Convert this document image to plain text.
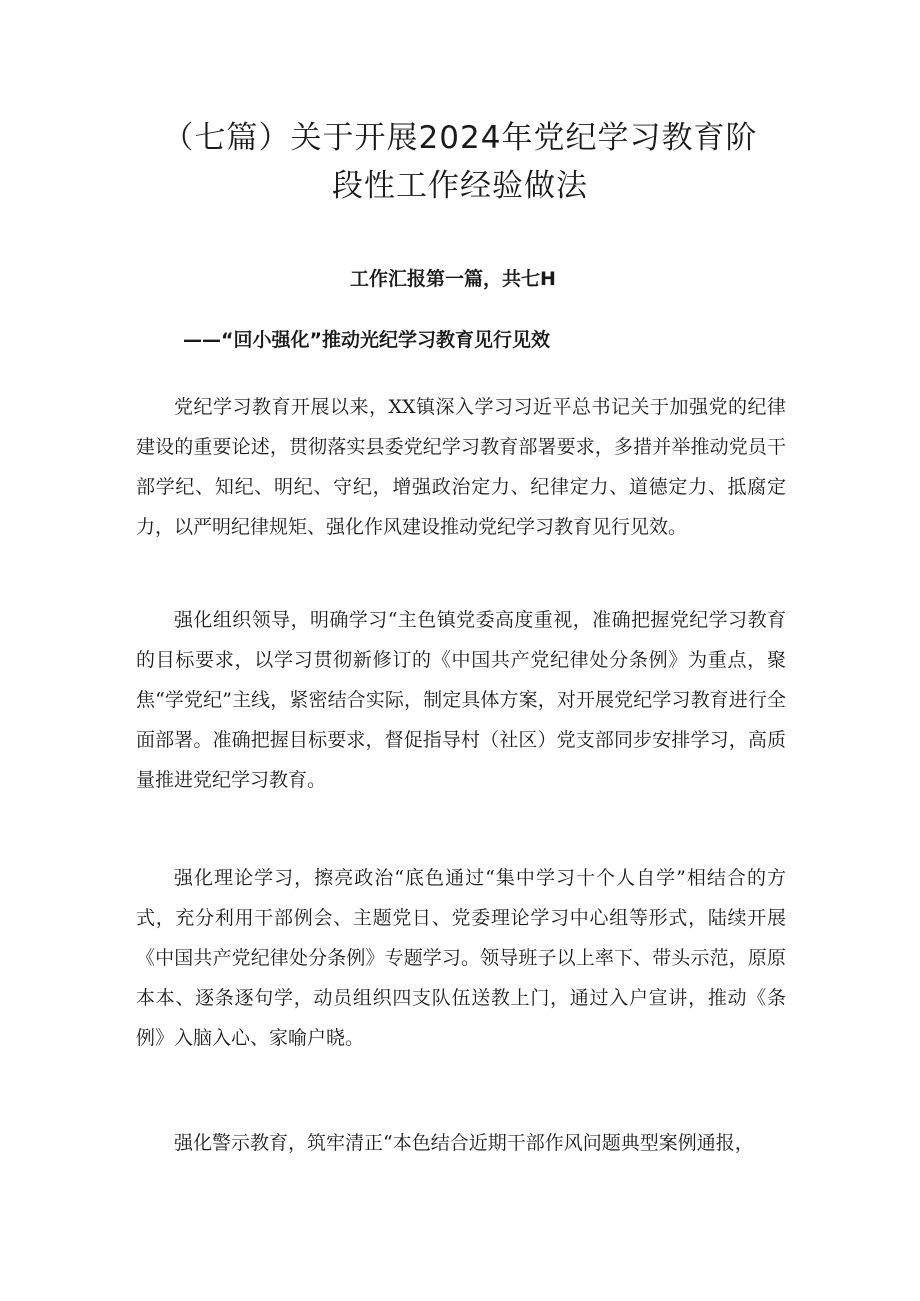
（七篇）关于开展2024年党纪学习教育阶
段性工作经验做法
工作汇报第一篇，共七H
——“回小强化”推动光纪学习教育见行见效

党纪学习教育开展以来，XX镇深入学习习近平总书记关于加强党的纪律建设的重要论述，贯彻落实县委党纪学习教育部署要求，多措并举推动党员干部学纪、知纪、明纪、守纪，增强政治定力、纪律定力、道德定力、抵腐定力，以严明纪律规矩、强化作风建设推动党纪学习教育见行见效。

强化组织领导，明确学习“主色镇党委高度重视，准确把握党纪学习教育的目标要求，以学习贯彻新修订的《中国共产党纪律处分条例》为重点，聚焦“学党纪”主线，紧密结合实际，制定具体方案，对开展党纪学习教育进行全面部署。准确把握目标要求，督促指导村（社区）党支部同步安排学习，高质量推进党纪学习教育。

强化理论学习，擦亮政治“底色通过“集中学习十个人自学”相结合的方式，充分利用干部例会、主题党日、党委理论学习中心组等形式，陆续开展《中国共产党纪律处分条例》专题学习。领导班子以上率下、带头示范，原原本本、逐条逐句学，动员组织四支队伍送教上门，通过入户宣讲，推动《条例》入脑入心、家喻户晓。

强化警示教育，筑牢清正“本色结合近期干部作风问题典型案例通报，
